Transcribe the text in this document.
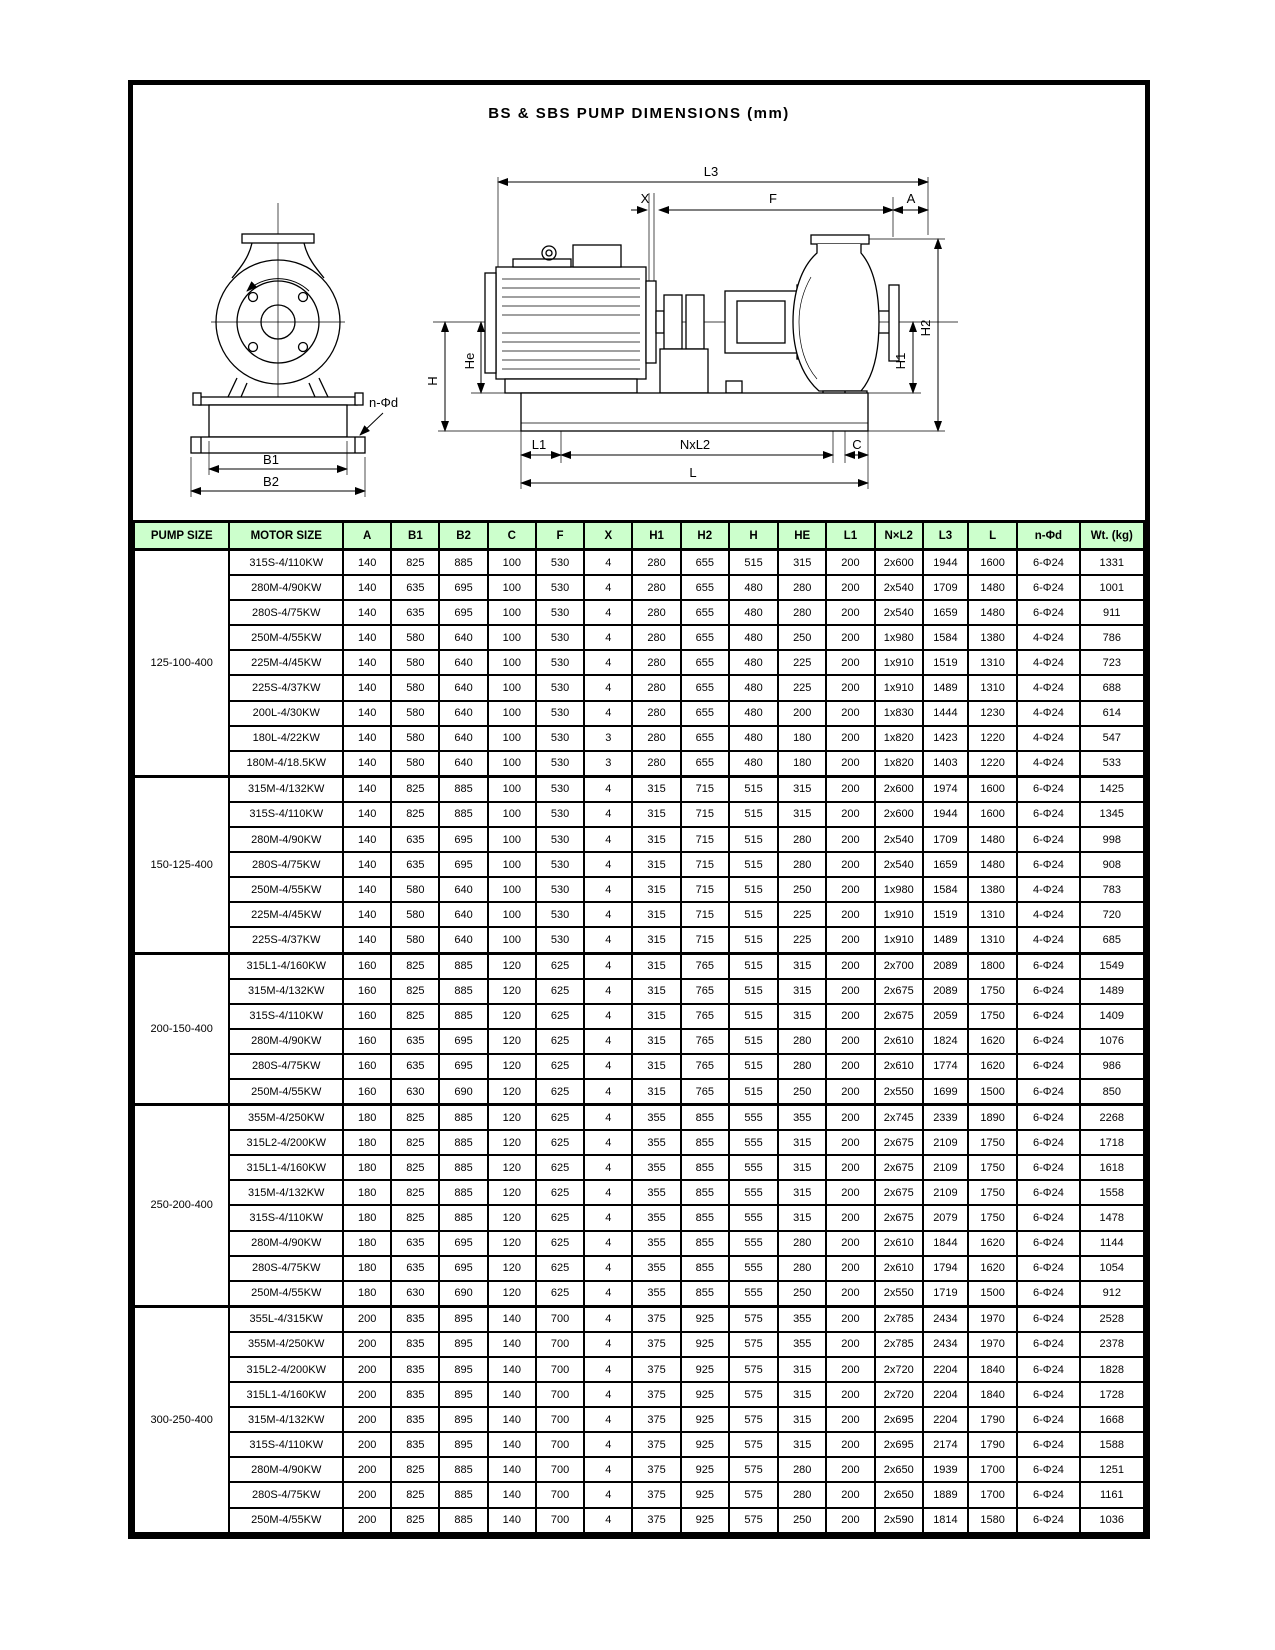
BS & SBS PUMP DIMENSIONS (mm)
B1
B2
n-Φd
L3
X	F	A
H2
H1
He
H
L1	NxL2	C
L
PUMP SIZE	MOTOR SIZE	A	B1	B2	C	F	X	H1	H2	H	HE	L1	N×L2	L3	L	n-Φd	Wt. (kg)
125-100-400	315S-4/110KW	140	825	885	100	530	4	280	655	515	315	200	2x600	1944	1600	6-Φ24	1331
	280M-4/90KW	140	635	695	100	530	4	280	655	480	280	200	2x540	1709	1480	6-Φ24	1001
	280S-4/75KW	140	635	695	100	530	4	280	655	480	280	200	2x540	1659	1480	6-Φ24	911
	250M-4/55KW	140	580	640	100	530	4	280	655	480	250	200	1x980	1584	1380	4-Φ24	786
	225M-4/45KW	140	580	640	100	530	4	280	655	480	225	200	1x910	1519	1310	4-Φ24	723
	225S-4/37KW	140	580	640	100	530	4	280	655	480	225	200	1x910	1489	1310	4-Φ24	688
	200L-4/30KW	140	580	640	100	530	4	280	655	480	200	200	1x830	1444	1230	4-Φ24	614
	180L-4/22KW	140	580	640	100	530	3	280	655	480	180	200	1x820	1423	1220	4-Φ24	547
	180M-4/18.5KW	140	580	640	100	530	3	280	655	480	180	200	1x820	1403	1220	4-Φ24	533
150-125-400	315M-4/132KW	140	825	885	100	530	4	315	715	515	315	200	2x600	1974	1600	6-Φ24	1425
	315S-4/110KW	140	825	885	100	530	4	315	715	515	315	200	2x600	1944	1600	6-Φ24	1345
	280M-4/90KW	140	635	695	100	530	4	315	715	515	280	200	2x540	1709	1480	6-Φ24	998
	280S-4/75KW	140	635	695	100	530	4	315	715	515	280	200	2x540	1659	1480	6-Φ24	908
	250M-4/55KW	140	580	640	100	530	4	315	715	515	250	200	1x980	1584	1380	4-Φ24	783
	225M-4/45KW	140	580	640	100	530	4	315	715	515	225	200	1x910	1519	1310	4-Φ24	720
	225S-4/37KW	140	580	640	100	530	4	315	715	515	225	200	1x910	1489	1310	4-Φ24	685
200-150-400	315L1-4/160KW	160	825	885	120	625	4	315	765	515	315	200	2x700	2089	1800	6-Φ24	1549
	315M-4/132KW	160	825	885	120	625	4	315	765	515	315	200	2x675	2089	1750	6-Φ24	1489
	315S-4/110KW	160	825	885	120	625	4	315	765	515	315	200	2x675	2059	1750	6-Φ24	1409
	280M-4/90KW	160	635	695	120	625	4	315	765	515	280	200	2x610	1824	1620	6-Φ24	1076
	280S-4/75KW	160	635	695	120	625	4	315	765	515	280	200	2x610	1774	1620	6-Φ24	986
	250M-4/55KW	160	630	690	120	625	4	315	765	515	250	200	2x550	1699	1500	6-Φ24	850
250-200-400	355M-4/250KW	180	825	885	120	625	4	355	855	555	355	200	2x745	2339	1890	6-Φ24	2268
	315L2-4/200KW	180	825	885	120	625	4	355	855	555	315	200	2x675	2109	1750	6-Φ24	1718
	315L1-4/160KW	180	825	885	120	625	4	355	855	555	315	200	2x675	2109	1750	6-Φ24	1618
	315M-4/132KW	180	825	885	120	625	4	355	855	555	315	200	2x675	2109	1750	6-Φ24	1558
	315S-4/110KW	180	825	885	120	625	4	355	855	555	315	200	2x675	2079	1750	6-Φ24	1478
	280M-4/90KW	180	635	695	120	625	4	355	855	555	280	200	2x610	1844	1620	6-Φ24	1144
	280S-4/75KW	180	635	695	120	625	4	355	855	555	280	200	2x610	1794	1620	6-Φ24	1054
	250M-4/55KW	180	630	690	120	625	4	355	855	555	250	200	2x550	1719	1500	6-Φ24	912
300-250-400	355L-4/315KW	200	835	895	140	700	4	375	925	575	355	200	2x785	2434	1970	6-Φ24	2528
	355M-4/250KW	200	835	895	140	700	4	375	925	575	355	200	2x785	2434	1970	6-Φ24	2378
	315L2-4/200KW	200	835	895	140	700	4	375	925	575	315	200	2x720	2204	1840	6-Φ24	1828
	315L1-4/160KW	200	835	895	140	700	4	375	925	575	315	200	2x720	2204	1840	6-Φ24	1728
	315M-4/132KW	200	835	895	140	700	4	375	925	575	315	200	2x695	2204	1790	6-Φ24	1668
	315S-4/110KW	200	835	895	140	700	4	375	925	575	315	200	2x695	2174	1790	6-Φ24	1588
	280M-4/90KW	200	825	885	140	700	4	375	925	575	280	200	2x650	1939	1700	6-Φ24	1251
	280S-4/75KW	200	825	885	140	700	4	375	925	575	280	200	2x650	1889	1700	6-Φ24	1161
	250M-4/55KW	200	825	885	140	700	4	375	925	575	250	200	2x590	1814	1580	6-Φ24	1036
